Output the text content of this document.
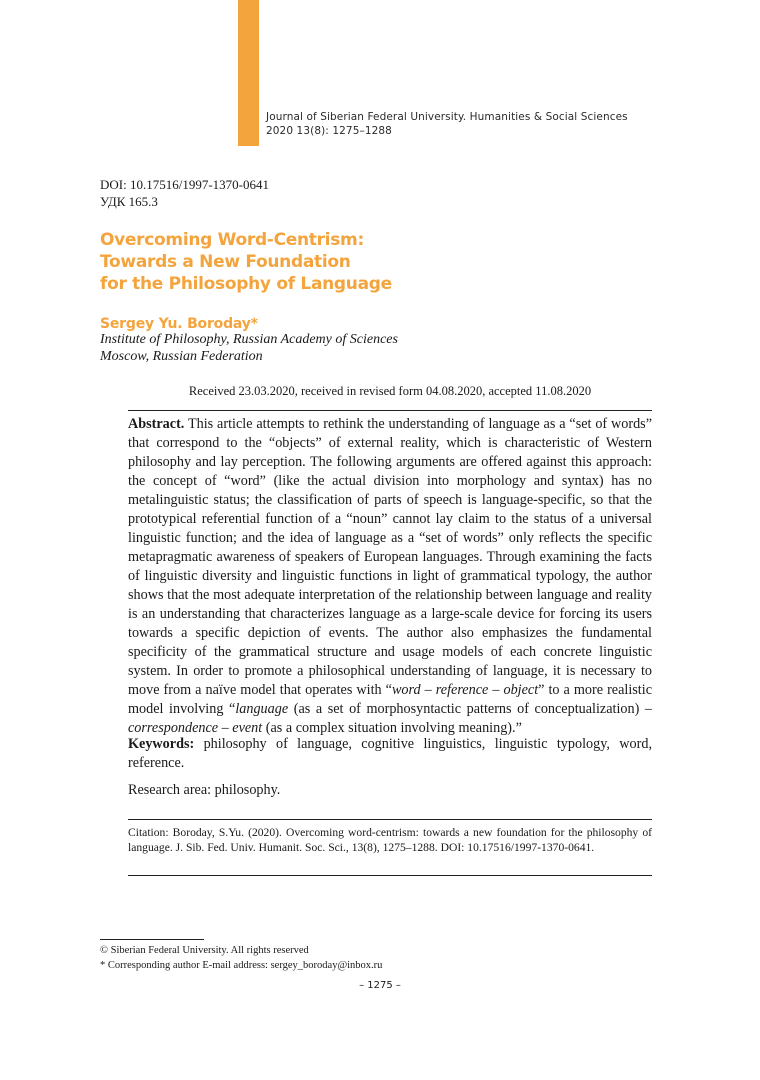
Journal of Siberian Federal University. Humanities & Social Sciences
2020 13(8): 1275–1288
DOI: 10.17516/1997-1370-0641
УДК 165.3
Overcoming Word-Centrism:
Towards a New Foundation
for the Philosophy of Language
Sergey Yu. Boroday*
Institute of Philosophy, Russian Academy of Sciences
Moscow, Russian Federation
Received 23.03.2020, received in revised form 04.08.2020, accepted 11.08.2020

Abstract. This article attempts to rethink the understanding of language as a “set of words” that correspond to the “objects” of external reality, which is characteristic of Western philosophy and lay perception. The following arguments are offered against this approach: the concept of “word” (like the actual division into morphology and syntax) has no metalinguistic status; the classification of parts of speech is language-specific, so that the prototypical referential function of a “noun” cannot lay claim to the status of a universal linguistic function; and the idea of language as a “set of words” only reflects the specific metapragmatic awareness of speakers of European languages. Through examining the facts of linguistic diversity and linguistic functions in light of grammatical typology, the author shows that the most adequate interpretation of the relationship between language and reality is an understanding that characterizes language as a large-scale device for forcing its users towards a specific depiction of events. The author also emphasizes the fundamental specificity of the grammatical structure and usage models of each concrete linguistic system. In order to promote a philosophical understanding of language, it is necessary to move from a naïve model that operates with “word – reference – object” to a more realistic model involving “language (as a set of morphosyntactic patterns of conceptualization) – correspondence – event (as a complex situation involving meaning).”

Keywords: philosophy of language, cognitive linguistics, linguistic typology, word, reference.

Research area: philosophy.

Citation: Boroday, S.Yu. (2020). Overcoming word-centrism: towards a new foundation for the philosophy of language. J. Sib. Fed. Univ. Humanit. Soc. Sci., 13(8), 1275–1288. DOI: 10.17516/1997-1370-0641.

© Siberian Federal University. All rights reserved
* Corresponding author E-mail address: sergey_boroday@inbox.ru
– 1275 –
